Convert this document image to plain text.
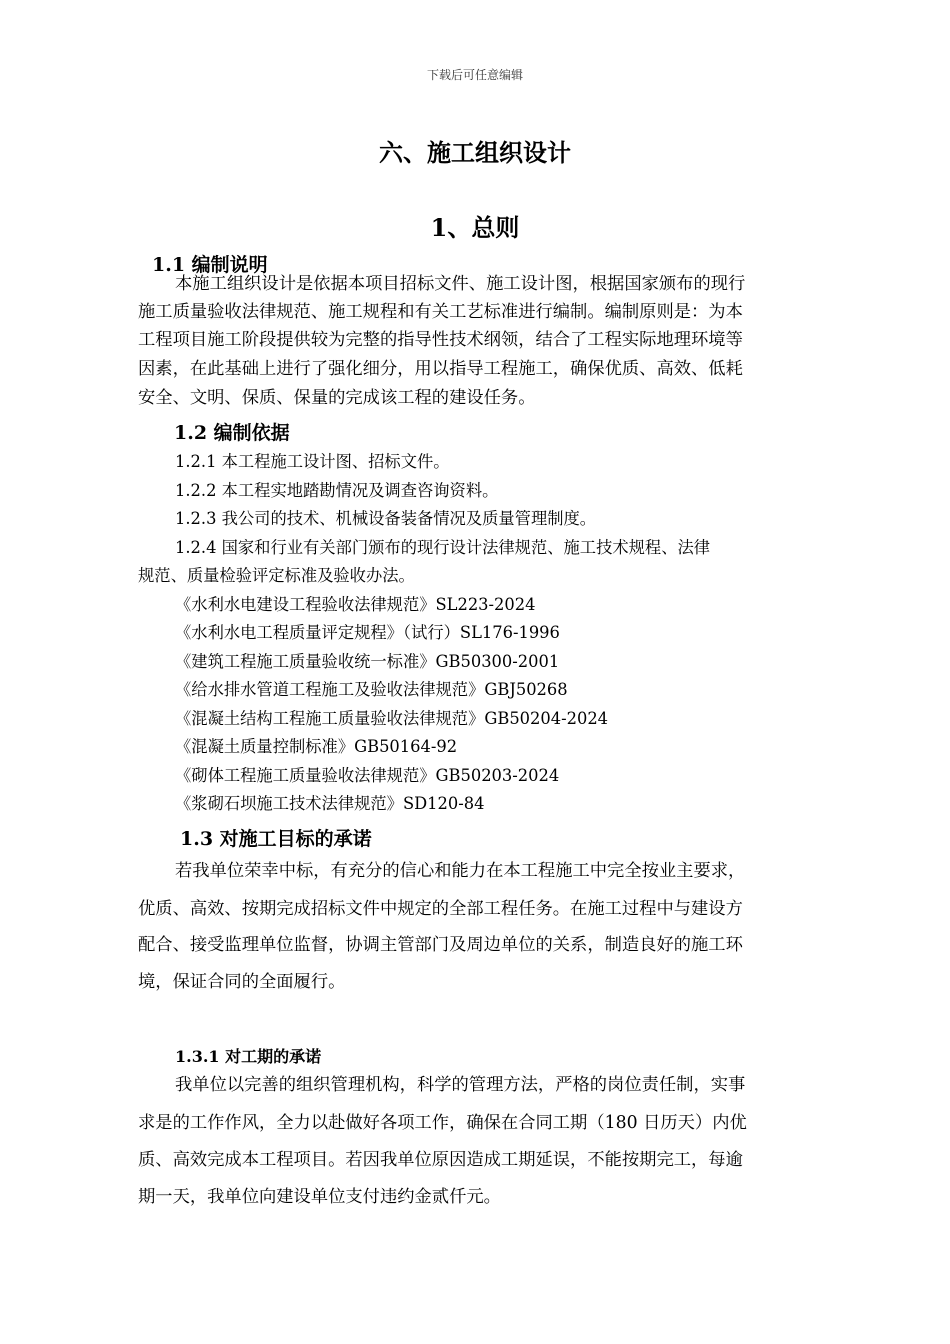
下载后可任意编辑
六、施工组织设计
1、总则
1.1 编制说明
本施工组织设计是依据本项目招标文件、施工设计图，根据国家颁布的现行
施工质量验收法律规范、施工规程和有关工艺标准进行编制。编制原则是：为本
工程项目施工阶段提供较为完整的指导性技术纲领，结合了工程实际地理环境等
因素，在此基础上进行了强化细分，用以指导工程施工，确保优质、高效、低耗
安全、文明、保质、保量的完成该工程的建设任务。
1.2 编制依据
1.2.1 本工程施工设计图、招标文件。
1.2.2 本工程实地踏勘情况及调查咨询资料。
1.2.3 我公司的技术、机械设备装备情况及质量管理制度。
1.2.4 国家和行业有关部门颁布的现行设计法律规范、施工技术规程、法律
规范、质量检验评定标准及验收办法。
《水利水电建设工程验收法律规范》SL223-2024
《水利水电工程质量评定规程》（试行）SL176-1996
《建筑工程施工质量验收统一标准》GB50300-2001
《给水排水管道工程施工及验收法律规范》GBJ50268
《混凝土结构工程施工质量验收法律规范》GB50204-2024
《混凝土质量控制标准》GB50164-92
《砌体工程施工质量验收法律规范》GB50203-2024
《浆砌石坝施工技术法律规范》SD120-84
1.3 对施工目标的承诺
若我单位荣幸中标，有充分的信心和能力在本工程施工中完全按业主要求，
优质、高效、按期完成招标文件中规定的全部工程任务。在施工过程中与建设方
配合、接受监理单位监督，协调主管部门及周边单位的关系，制造良好的施工环
境，保证合同的全面履行。
1.3.1 对工期的承诺
我单位以完善的组织管理机构，科学的管理方法，严格的岗位责任制，实事
求是的工作作风，全力以赴做好各项工作，确保在合同工期（180 日历天）内优
质、高效完成本工程项目。若因我单位原因造成工期延误，不能按期完工，每逾
期一天，我单位向建设单位支付违约金贰仟元。
